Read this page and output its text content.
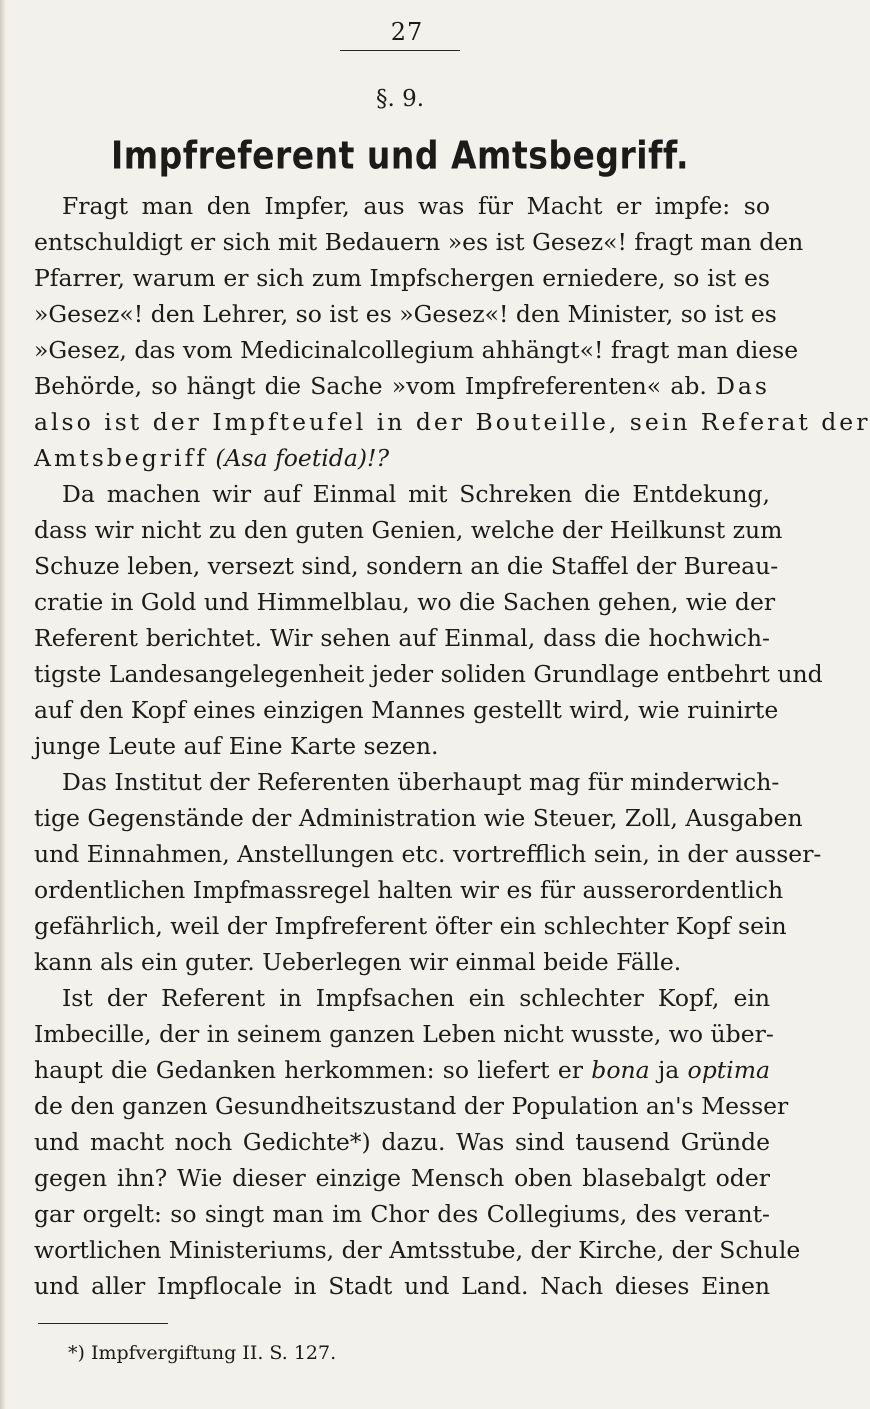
27
§. 9.
Impfreferent und Amtsbegriff.
Fragt man den Impfer, aus was für Macht er impfe: so
entschuldigt er sich mit Bedauern »es ist Gesez«! fragt man den
Pfarrer, warum er sich zum Impfschergen erniedere, so ist es
»Gesez«! den Lehrer, so ist es »Gesez«! den Minister, so ist es
»Gesez, das vom Medicinalcollegium ahhängt«! fragt man diese
Behörde, so hängt die Sache »vom Impfreferenten« ab. Das
also ist der Impfteufel in der Bouteille, sein Referat der
Amtsbegriff (Asa foetida)!?
Da machen wir auf Einmal mit Schreken die Entdekung,
dass wir nicht zu den guten Genien, welche der Heilkunst zum
Schuze leben, versezt sind, sondern an die Staffel der Bureau-
cratie in Gold und Himmelblau, wo die Sachen gehen, wie der
Referent berichtet. Wir sehen auf Einmal, dass die hochwich-
tigste Landesangelegenheit jeder soliden Grundlage entbehrt und
auf den Kopf eines einzigen Mannes gestellt wird, wie ruinirte
junge Leute auf Eine Karte sezen.
Das Institut der Referenten überhaupt mag für minderwich-
tige Gegenstände der Administration wie Steuer, Zoll, Ausgaben
und Einnahmen, Anstellungen etc. vortrefflich sein, in der ausser-
ordentlichen Impfmassregel halten wir es für ausserordentlich
gefährlich, weil der Impfreferent öfter ein schlechter Kopf sein
kann als ein guter. Ueberlegen wir einmal beide Fälle.
Ist der Referent in Impfsachen ein schlechter Kopf, ein
Imbecille, der in seinem ganzen Leben nicht wusste, wo über-
haupt die Gedanken herkommen: so liefert er bona ja optima
de den ganzen Gesundheitszustand der Population an's Messer
und macht noch Gedichte*) dazu. Was sind tausend Gründe
gegen ihn? Wie dieser einzige Mensch oben blasebalgt oder
gar orgelt: so singt man im Chor des Collegiums, des verant-
wortlichen Ministeriums, der Amtsstube, der Kirche, der Schule
und aller Impflocale in Stadt und Land. Nach dieses Einen
*) Impfvergiftung II. S. 127.
